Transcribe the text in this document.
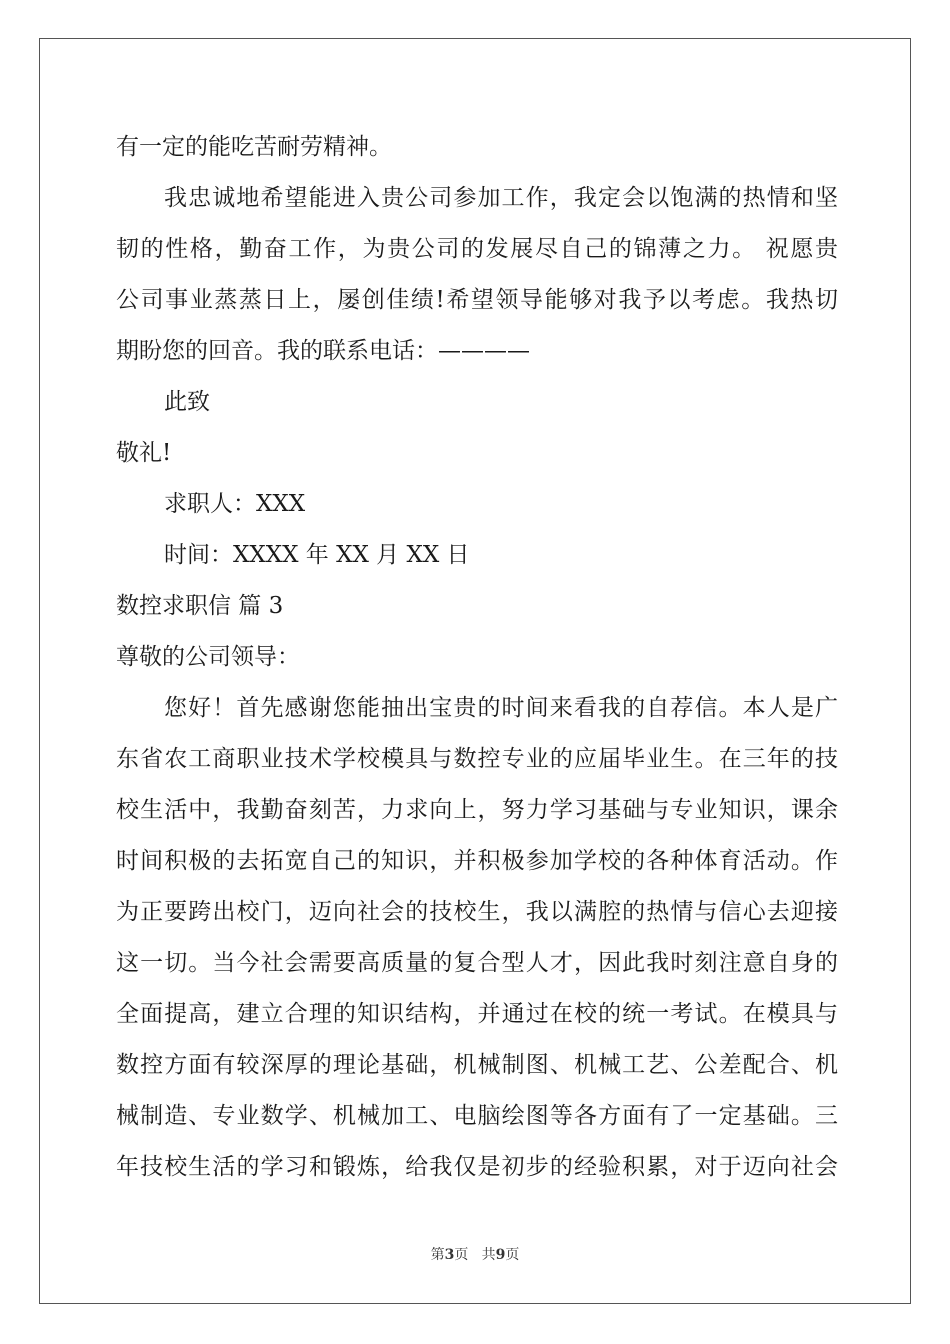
有一定的能吃苦耐劳精神。
我忠诚地希望能进入贵公司参加工作，我定会以饱满的热情和坚
韧的性格，勤奋工作，为贵公司的发展尽自己的锦薄之力。 祝愿贵
公司事业蒸蒸日上，屡创佳绩!希望领导能够对我予以考虑。我热切
期盼您的回音。我的联系电话：————
此致
敬礼!
求职人：XXX
时间：XXXX 年 XX 月 XX 日
数控求职信 篇 3
尊敬的公司领导：
您好！首先感谢您能抽出宝贵的时间来看我的自荐信。本人是广
东省农工商职业技术学校模具与数控专业的应届毕业生。在三年的技
校生活中，我勤奋刻苦，力求向上，努力学习基础与专业知识，课余
时间积极的去拓宽自己的知识，并积极参加学校的各种体育活动。作
为正要跨出校门，迈向社会的技校生，我以满腔的热情与信心去迎接
这一切。当今社会需要高质量的复合型人才，因此我时刻注意自身的
全面提高，建立合理的知识结构，并通过在校的统一考试。在模具与
数控方面有较深厚的理论基础，机械制图、机械工艺、公差配合、机
械制造、专业数学、机械加工、电脑绘图等各方面有了一定基础。三
年技校生活的学习和锻炼，给我仅是初步的经验积累，对于迈向社会
第3页 共9页
